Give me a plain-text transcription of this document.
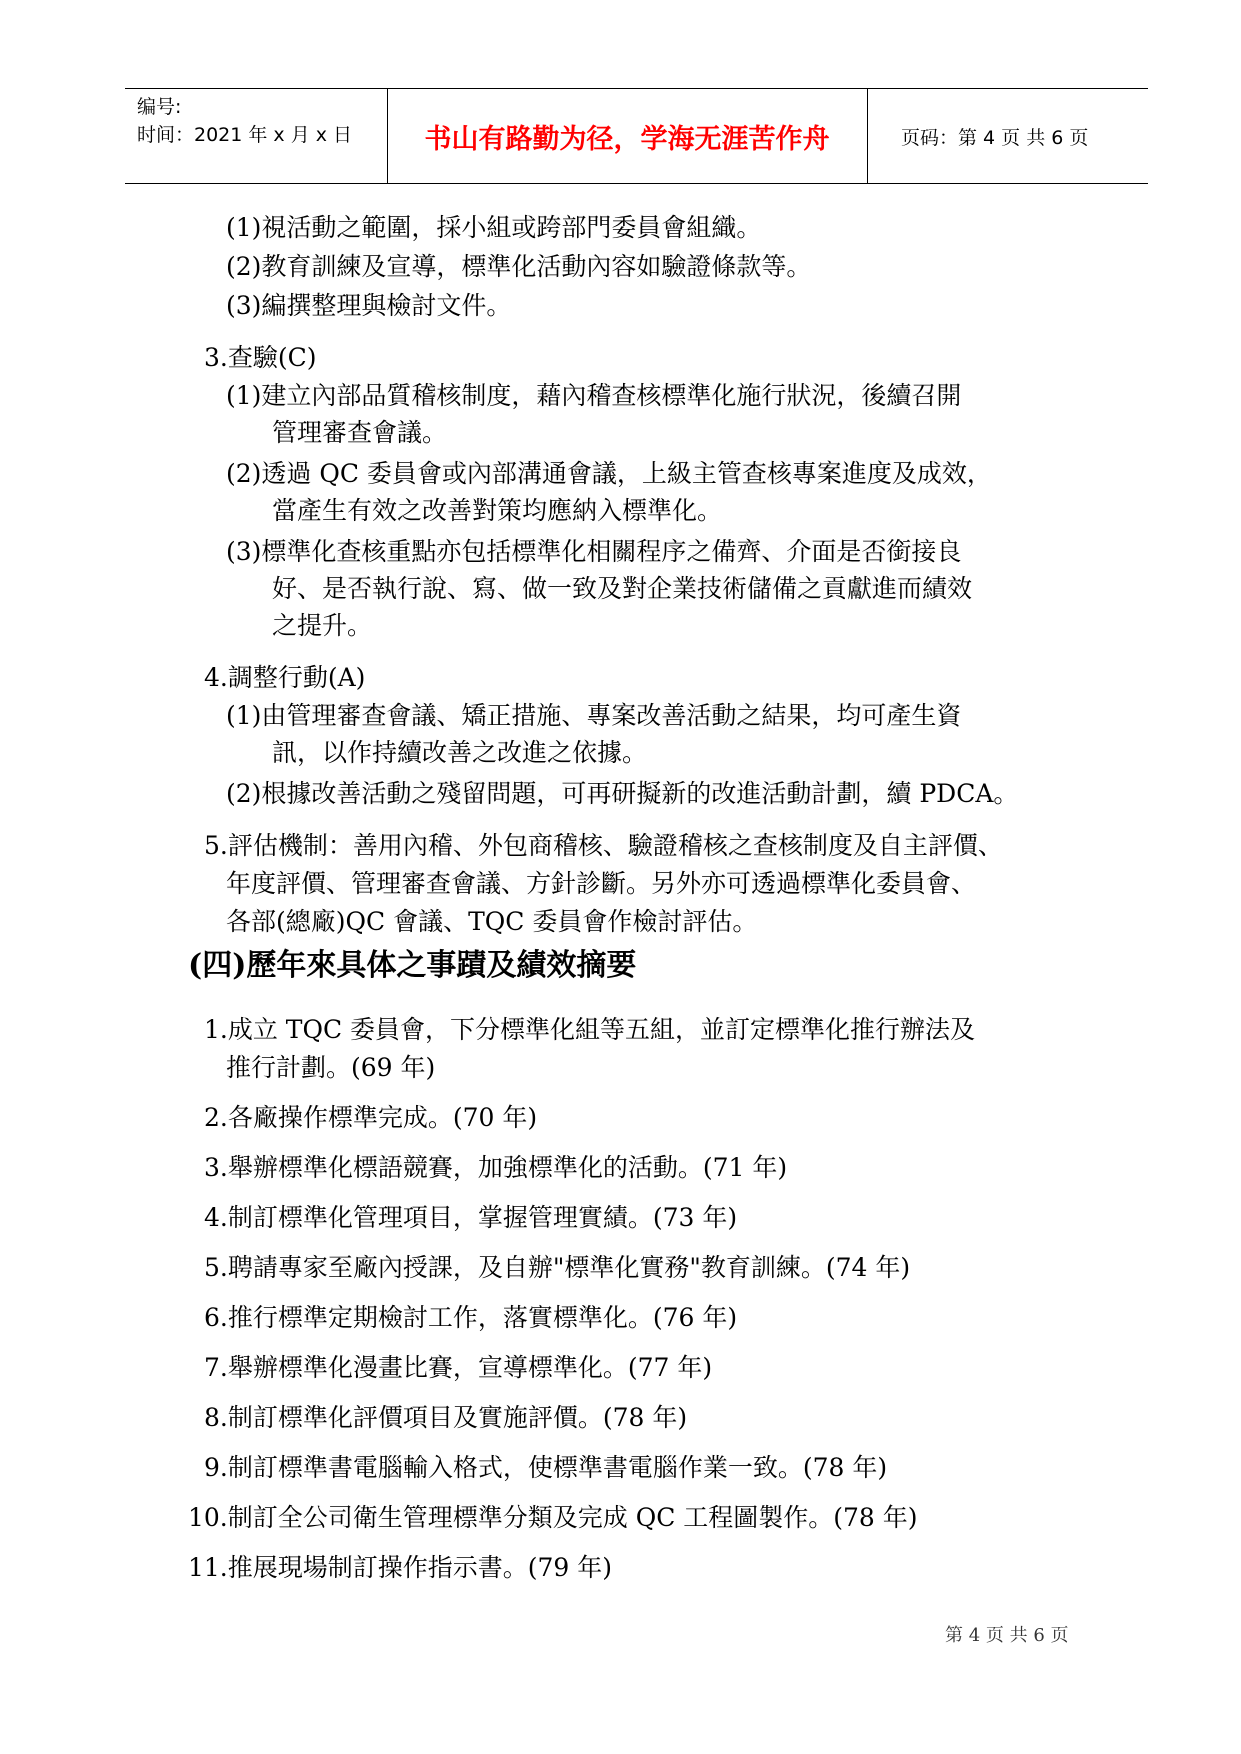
编号:
时间：2021 年 x 月 x 日	书山有路勤为径，学海无涯苦作舟	页码：第 4 页 共 6 页
(1)視活動之範圍，採小組或跨部門委員會組織。
(2)教育訓練及宣導，標準化活動內容如驗證條款等。
(3)編撰整理與檢討文件。
3.查驗(C)
(1)建立內部品質稽核制度，藉內稽查核標準化施行狀況，後續召開
管理審查會議。
(2)透過 QC 委員會或內部溝通會議，上級主管查核專案進度及成效，
當產生有效之改善對策均應納入標準化。
(3)標準化查核重點亦包括標準化相關程序之備齊、介面是否銜接良
好、是否執行說、寫、做一致及對企業技術儲備之貢獻進而績效
之提升。
4.調整行動(A)
(1)由管理審查會議、矯正措施、專案改善活動之結果，均可產生資
訊，以作持續改善之改進之依據。
(2)根據改善活動之殘留問題，可再研擬新的改進活動計劃，續 PDCA。
5.評估機制：善用內稽、外包商稽核、驗證稽核之查核制度及自主評價、
年度評價、管理審查會議、方針診斷。另外亦可透過標準化委員會、
各部(總廠)QC 會議、TQC 委員會作檢討評估。
(四)歷年來具体之事蹟及績效摘要
1.成立 TQC 委員會，下分標準化組等五組，並訂定標準化推行辦法及
推行計劃。(69 年)
2.各廠操作標準完成。(70 年)
3.舉辦標準化標語競賽，加強標準化的活動。(71 年)
4.制訂標準化管理項目，掌握管理實績。(73 年)
5.聘請專家至廠內授課，及自辦"標準化實務"教育訓練。(74 年)
6.推行標準定期檢討工作，落實標準化。(76 年)
7.舉辦標準化漫畫比賽，宣導標準化。(77 年)
8.制訂標準化評價項目及實施評價。(78 年)
9.制訂標準書電腦輸入格式，使標準書電腦作業一致。(78 年)
10.制訂全公司衛生管理標準分類及完成 QC 工程圖製作。(78 年)
11.推展現場制訂操作指示書。(79 年)
第 4 页 共 6 页
